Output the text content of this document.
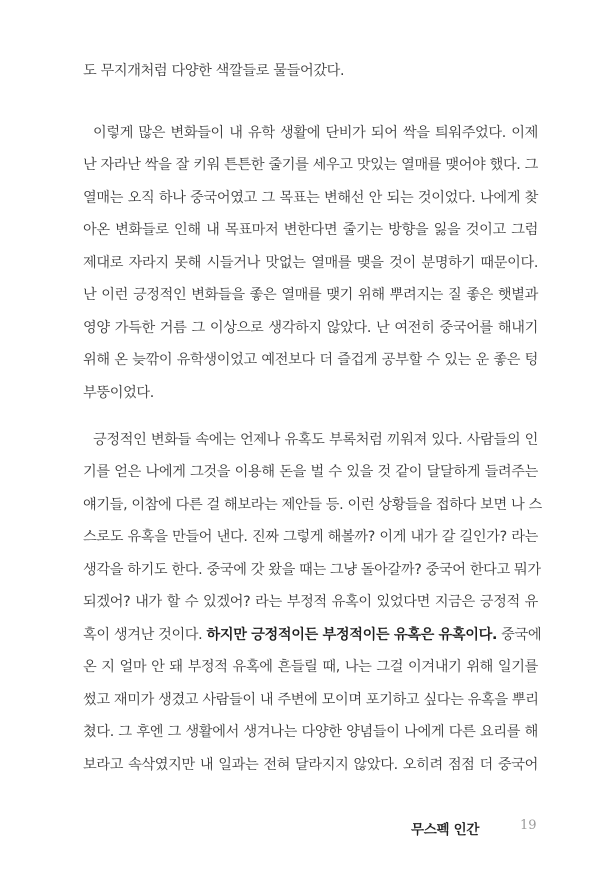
도 무지개처럼 다양한 색깔들로 물들어갔다.
이렇게 많은 변화들이 내 유학 생활에 단비가 되어 싹을 틔워주었다. 이제
난 자라난 싹을 잘 키워 튼튼한 줄기를 세우고 맛있는 열매를 맺어야 했다. 그
열매는 오직 하나 중국어였고 그 목표는 변해선 안 되는 것이었다. 나에게 찾
아온 변화들로 인해 내 목표마저 변한다면 줄기는 방향을 잃을 것이고 그럼
제대로 자라지 못해 시들거나 맛없는 열매를 맺을 것이 분명하기 때문이다.
난 이런 긍정적인 변화들을 좋은 열매를 맺기 위해 뿌려지는 질 좋은 햇볕과
영양 가득한 거름 그 이상으로 생각하지 않았다. 난 여전히 중국어를 해내기
위해 온 늦깎이 유학생이었고 예전보다 더 즐겁게 공부할 수 있는 운 좋은 텅
부뚱이었다.
긍정적인 변화들 속에는 언제나 유혹도 부록처럼 끼워져 있다. 사람들의 인
기를 얻은 나에게 그것을 이용해 돈을 벌 수 있을 것 같이 달달하게 들려주는
얘기들, 이참에 다른 걸 해보라는 제안들 등. 이런 상황들을 접하다 보면 나 스
스로도 유혹을 만들어 낸다. 진짜 그렇게 해볼까? 이게 내가 갈 길인가? 라는
생각을 하기도 한다. 중국에 갓 왔을 때는 그냥 돌아갈까? 중국어 한다고 뭐가
되겠어? 내가 할 수 있겠어? 라는 부정적 유혹이 있었다면 지금은 긍정적 유
혹이 생겨난 것이다. 하지만 긍정적이든 부정적이든 유혹은 유혹이다. 중국에
온 지 얼마 안 돼 부정적 유혹에 흔들릴 때, 나는 그걸 이겨내기 위해 일기를
썼고 재미가 생겼고 사람들이 내 주변에 모이며 포기하고 싶다는 유혹을 뿌리
쳤다. 그 후엔 그 생활에서 생겨나는 다양한 양념들이 나에게 다른 요리를 해
보라고 속삭였지만 내 일과는 전혀 달라지지 않았다. 오히려 점점 더 중국어
무스펙 인간	19
